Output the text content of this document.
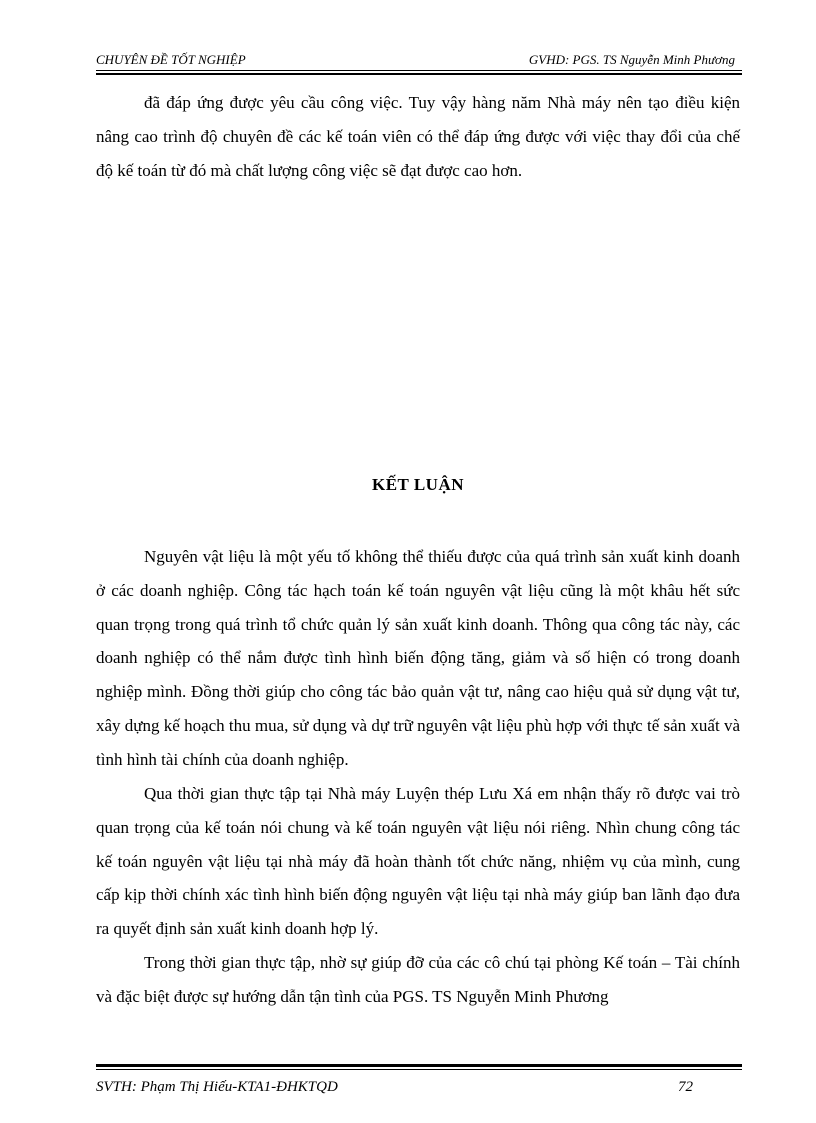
CHUYÊN ĐỀ TỐT NGHIỆP	GVHD: PGS. TS Nguyễn Minh Phương

đã đáp ứng được yêu cầu công việc. Tuy vậy hàng năm Nhà máy nên tạo điều kiện nâng cao trình độ chuyên đề các kế toán viên có thể đáp ứng được với việc thay đổi của chế độ kế toán từ đó mà chất lượng công việc sẽ đạt được cao hơn.

KẾT LUẬN

Nguyên vật liệu là một yếu tố không thể thiếu được của quá trình sản xuất kinh doanh ở các doanh nghiệp. Công tác hạch toán kế toán nguyên vật liệu cũng là một khâu hết sức quan trọng trong quá trình tổ chức quản lý sản xuất kinh doanh. Thông qua công tác này, các doanh nghiệp có thể nắm được tình hình biến động tăng, giảm và số hiện có trong doanh nghiệp mình. Đồng thời giúp cho công tác bảo quản vật tư, nâng cao hiệu quả sử dụng vật tư, xây dựng kế hoạch thu mua, sử dụng và dự trữ nguyên vật liệu phù hợp với thực tế sản xuất và tình hình tài chính của doanh nghiệp.

Qua thời gian thực tập tại Nhà máy Luyện thép Lưu Xá em nhận thấy rõ được vai trò quan trọng của kế toán nói chung và kế toán nguyên vật liệu nói riêng. Nhìn chung công tác kế toán nguyên vật liệu tại nhà máy đã hoàn thành tốt chức năng, nhiệm vụ của mình, cung cấp kịp thời chính xác tình hình biến động nguyên vật liệu tại nhà máy giúp ban lãnh đạo đưa ra quyết định sản xuất kinh doanh hợp lý.

Trong thời gian thực tập, nhờ sự giúp đỡ của các cô chú tại phòng Kế toán – Tài chính và đặc biệt được sự hướng dẫn tận tình của PGS. TS Nguyễn Minh Phương

SVTH: Phạm Thị Hiếu-KTA1-ĐHKTQD	72
